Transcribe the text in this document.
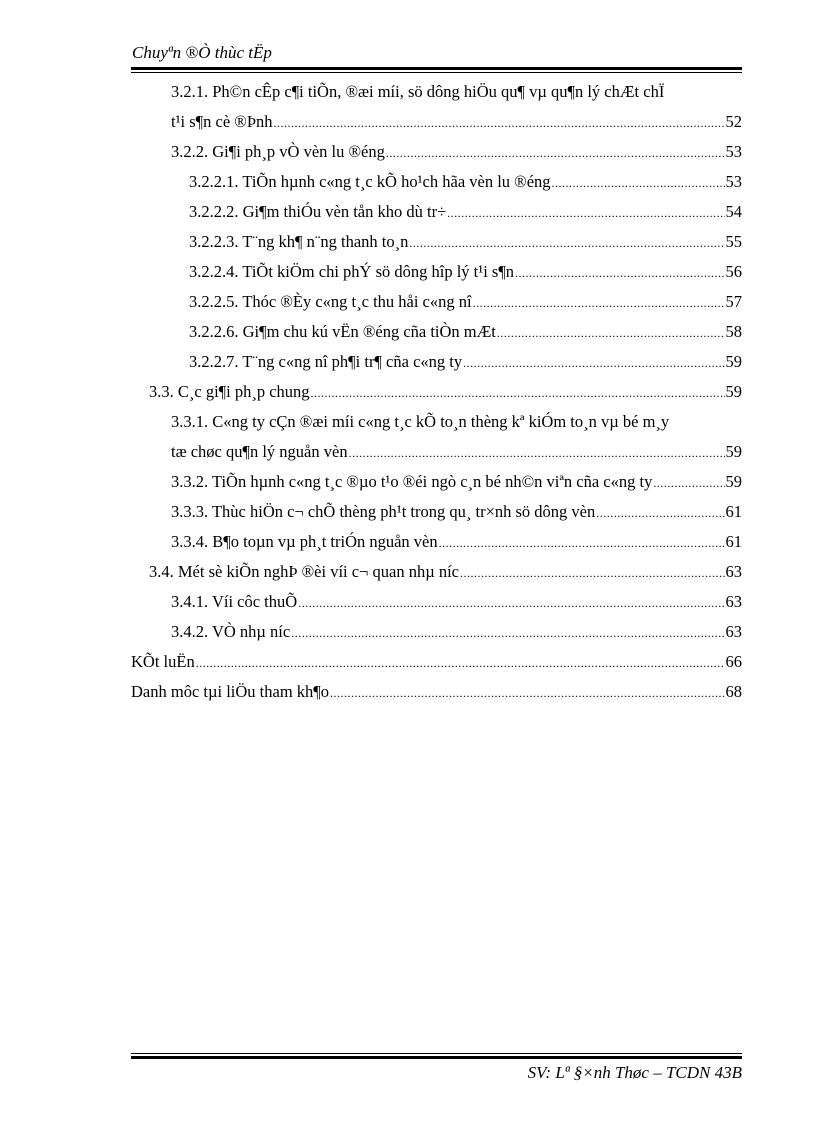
Chuyªn ®Ò thùc tËp
3.2.1. Ph©n cÊp c¶i tiÕn, ®æi míi, sö dông hiÖu qu¶ vµ qu¶n lý chÆt chÏ
t¹i s¶n cè ®Þnh .....	52
3.2.2. Gi¶i ph¸p vÒ vèn lu ®éng .....	53
3.2.2.1. TiÕn hµnh c«ng t¸c kÕ ho¹ch hãa vèn lu ®éng .....	53
3.2.2.2. Gi¶m thiÓu vèn tån kho dù tr÷ .....	54
3.2.2.3. T¨ng kh¶ n¨ng thanh to¸n .....	55
3.2.2.4. TiÕt kiÖm chi phÝ sö dông hîp lý t¹i s¶n .....	56
3.2.2.5. Thóc ®Èy c«ng t¸c thu håi c«ng nî .....	57
3.2.2.6. Gi¶m chu kú vËn ®éng cña tiÒn mÆt .....	58
3.2.2.7. T¨ng c«ng nî ph¶i tr¶ cña c«ng ty .....	59
3.3. C¸c gi¶i ph¸p chung .....	59
3.3.1. C«ng ty cÇn ®æi míi c«ng t¸c kÕ to¸n thèng kª kiÓm to¸n vµ bé m¸y
tæ chøc qu¶n lý nguån vèn .....	59
3.3.2. TiÕn hµnh c«ng t¸c ®µo t¹o ®éi ngò c¸n bé nh©n viªn cña c«ng ty .....	59
3.3.3. Thùc hiÖn c¬ chÕ thèng ph¹t trong qu¸ tr×nh sö dông vèn .....	61
3.3.4. B¶o toµn vµ ph¸t triÓn nguån vèn .....	61
3.4. Mét sè kiÕn nghÞ ®èi víi c¬ quan nhµ níc .....	63
3.4.1. Víi côc thuÕ .....	63
3.4.2. VÒ nhµ níc .....	63
KÕt luËn .....	66
Danh môc tµi liÖu tham kh¶o .....	68
SV: Lª §×nh Thøc – TCDN 43B
